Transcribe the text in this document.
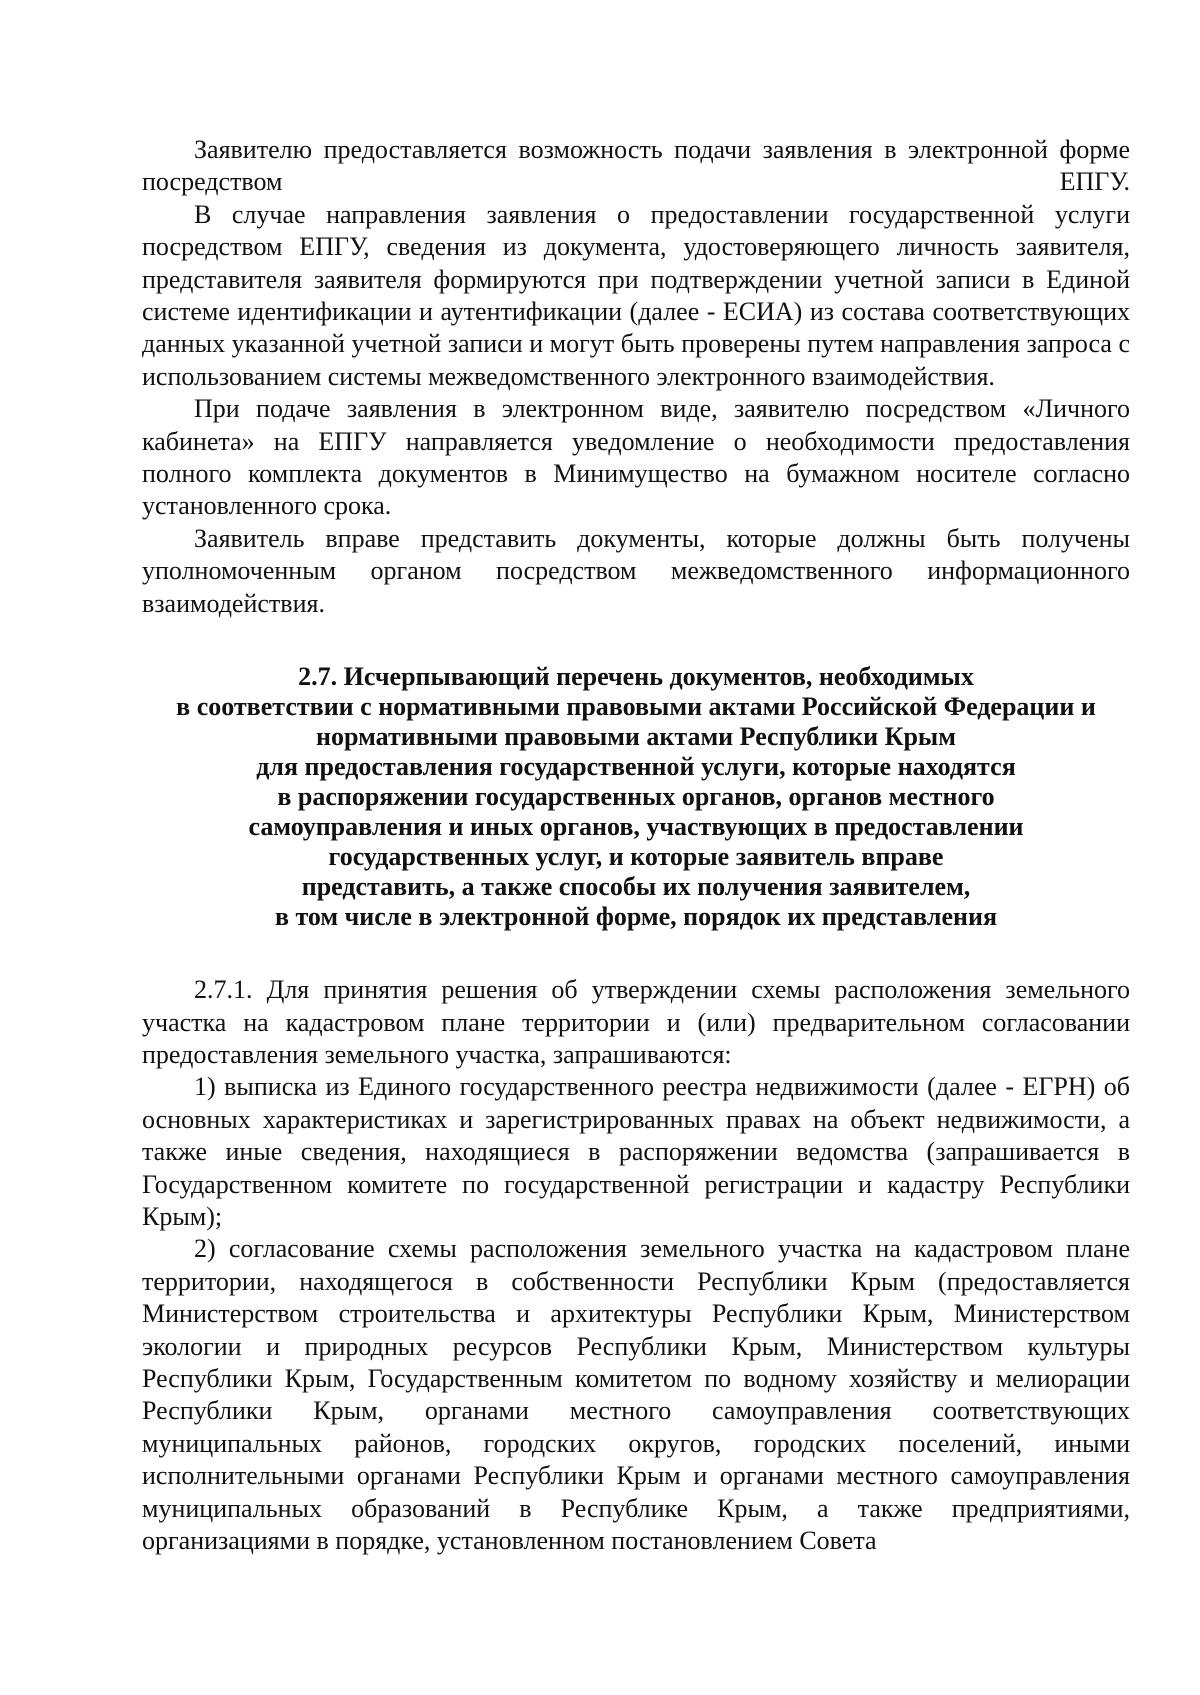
Заявителю предоставляется возможность подачи заявления в электронной форме посредством ЕПГУ.

В случае направления заявления о предоставлении государственной услуги посредством ЕПГУ, сведения из документа, удостоверяющего личность заявителя, представителя заявителя формируются при подтверждении учетной записи в Единой системе идентификации и аутентификации (далее - ЕСИА) из состава соответствующих данных указанной учетной записи и могут быть проверены путем направления запроса с использованием системы межведомственного электронного взаимодействия.

При подаче заявления в электронном виде, заявителю посредством «Личного кабинета» на ЕПГУ направляется уведомление о необходимости предоставления полного комплекта документов в Минимущество на бумажном носителе согласно установленного срока.

Заявитель вправе представить документы, которые должны быть получены уполномоченным органом посредством межведомственного информационного взаимодействия.

2.7. Исчерпывающий перечень документов, необходимых
в соответствии с нормативными правовыми актами Российской Федерации и
нормативными правовыми актами Республики Крым
для предоставления государственной услуги, которые находятся
в распоряжении государственных органов, органов местного
самоуправления и иных органов, участвующих в предоставлении
государственных услуг, и которые заявитель вправе
представить, а также способы их получения заявителем,
в том числе в электронной форме, порядок их представления

2.7.1. Для принятия решения об утверждении схемы расположения земельного участка на кадастровом плане территории и (или) предварительном согласовании предоставления земельного участка, запрашиваются:

1) выписка из Единого государственного реестра недвижимости (далее - ЕГРН) об основных характеристиках и зарегистрированных правах на объект недвижимости, а также иные сведения, находящиеся в распоряжении ведомства (запрашивается в Государственном комитете по государственной регистрации и кадастру Республики Крым);

2) согласование схемы расположения земельного участка на кадастровом плане территории, находящегося в собственности Республики Крым (предоставляется Министерством строительства и архитектуры Республики Крым, Министерством экологии и природных ресурсов Республики Крым, Министерством культуры Республики Крым, Государственным комитетом по водному хозяйству и мелиорации Республики Крым, органами местного самоуправления соответствующих муниципальных районов, городских округов, городских поселений, иными исполнительными органами Республики Крым и органами местного самоуправления муниципальных образований в Республике Крым, а также предприятиями, организациями в порядке, установленном постановлением Совета
